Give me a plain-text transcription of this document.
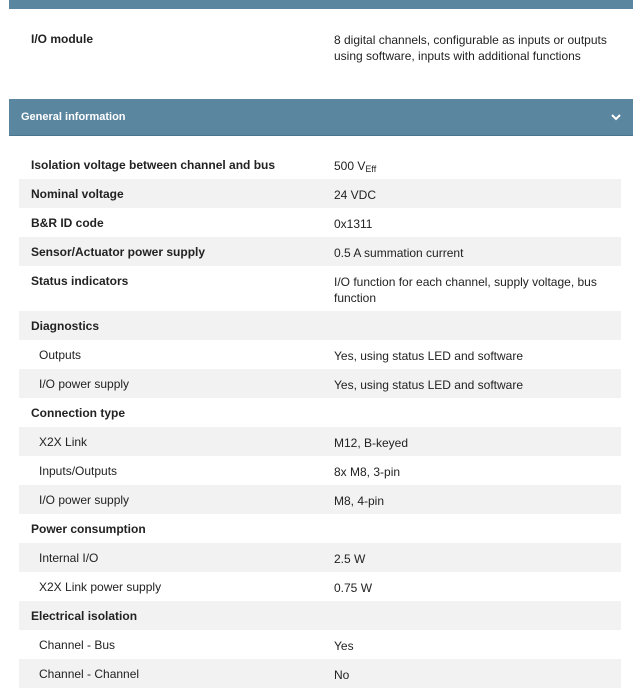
I/O module	8 digital channels, configurable as inputs or outputs using software, inputs with additional functions
General information
Isolation voltage between channel and bus	500 $V_{Eff}$
Nominal voltage	24 VDC
B&R ID code	0x1311
Sensor/Actuator power supply	0.5 A summation current
Status indicators	I/O function for each channel, supply voltage, bus function
Diagnostics
Outputs	Yes, using status LED and software
I/O power supply	Yes, using status LED and software
Connection type
X2X Link	M12, B-keyed
Inputs/Outputs	8x M8, 3-pin
I/O power supply	M8, 4-pin
Power consumption
Internal I/O	2.5 W
X2X Link power supply	0.75 W
Electrical isolation
Channel - Bus	Yes
Channel - Channel	No
